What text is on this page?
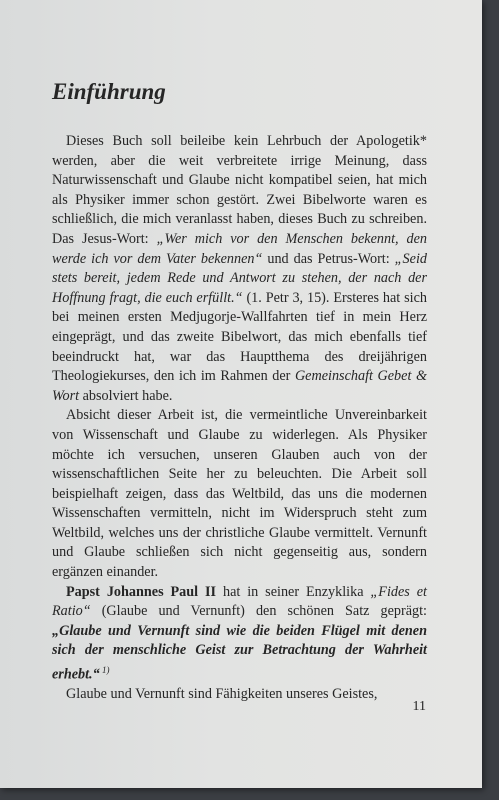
Einführung

Dieses Buch soll beileibe kein Lehrbuch der Apologetik* werden, aber die weit verbreitete irrige Meinung, dass Naturwissenschaft und Glaube nicht kompatibel seien, hat mich als Physiker immer schon gestört. Zwei Bibelworte waren es schließlich, die mich veranlasst haben, dieses Buch zu schreiben. Das Jesus-Wort: „Wer mich vor den Menschen bekennt, den werde ich vor dem Vater bekennen“ und das Petrus-Wort: „Seid stets bereit, jedem Rede und Antwort zu stehen, der nach der Hoffnung fragt, die euch erfüllt.“ (1. Petr 3, 15). Ersteres hat sich bei meinen ersten Medjugorje-Wallfahrten tief in mein Herz eingeprägt, und das zweite Bibelwort, das mich ebenfalls tief beeindruckt hat, war das Hauptthema des dreijährigen Theologiekurses, den ich im Rahmen der Gemeinschaft Gebet & Wort absolviert habe.

Absicht dieser Arbeit ist, die vermeintliche Unvereinbarkeit von Wissenschaft und Glaube zu widerlegen. Als Physiker möchte ich versuchen, unseren Glauben auch von der wissenschaftlichen Seite her zu beleuchten. Die Arbeit soll beispielhaft zeigen, dass das Weltbild, das uns die modernen Wissenschaften vermitteln, nicht im Widerspruch steht zum Weltbild, welches uns der christliche Glaube vermittelt. Vernunft und Glaube schließen sich nicht gegenseitig aus, sondern ergänzen einander.

Papst Johannes Paul II hat in seiner Enzyklika „Fides et Ratio“ (Glaube und Vernunft) den schönen Satz geprägt: „Glaube und Vernunft sind wie die beiden Flügel mit denen sich der menschliche Geist zur Betrachtung der Wahrheit erhebt.“ $^{1)}$

Glaube und Vernunft sind Fähigkeiten unseres Geistes,

11
